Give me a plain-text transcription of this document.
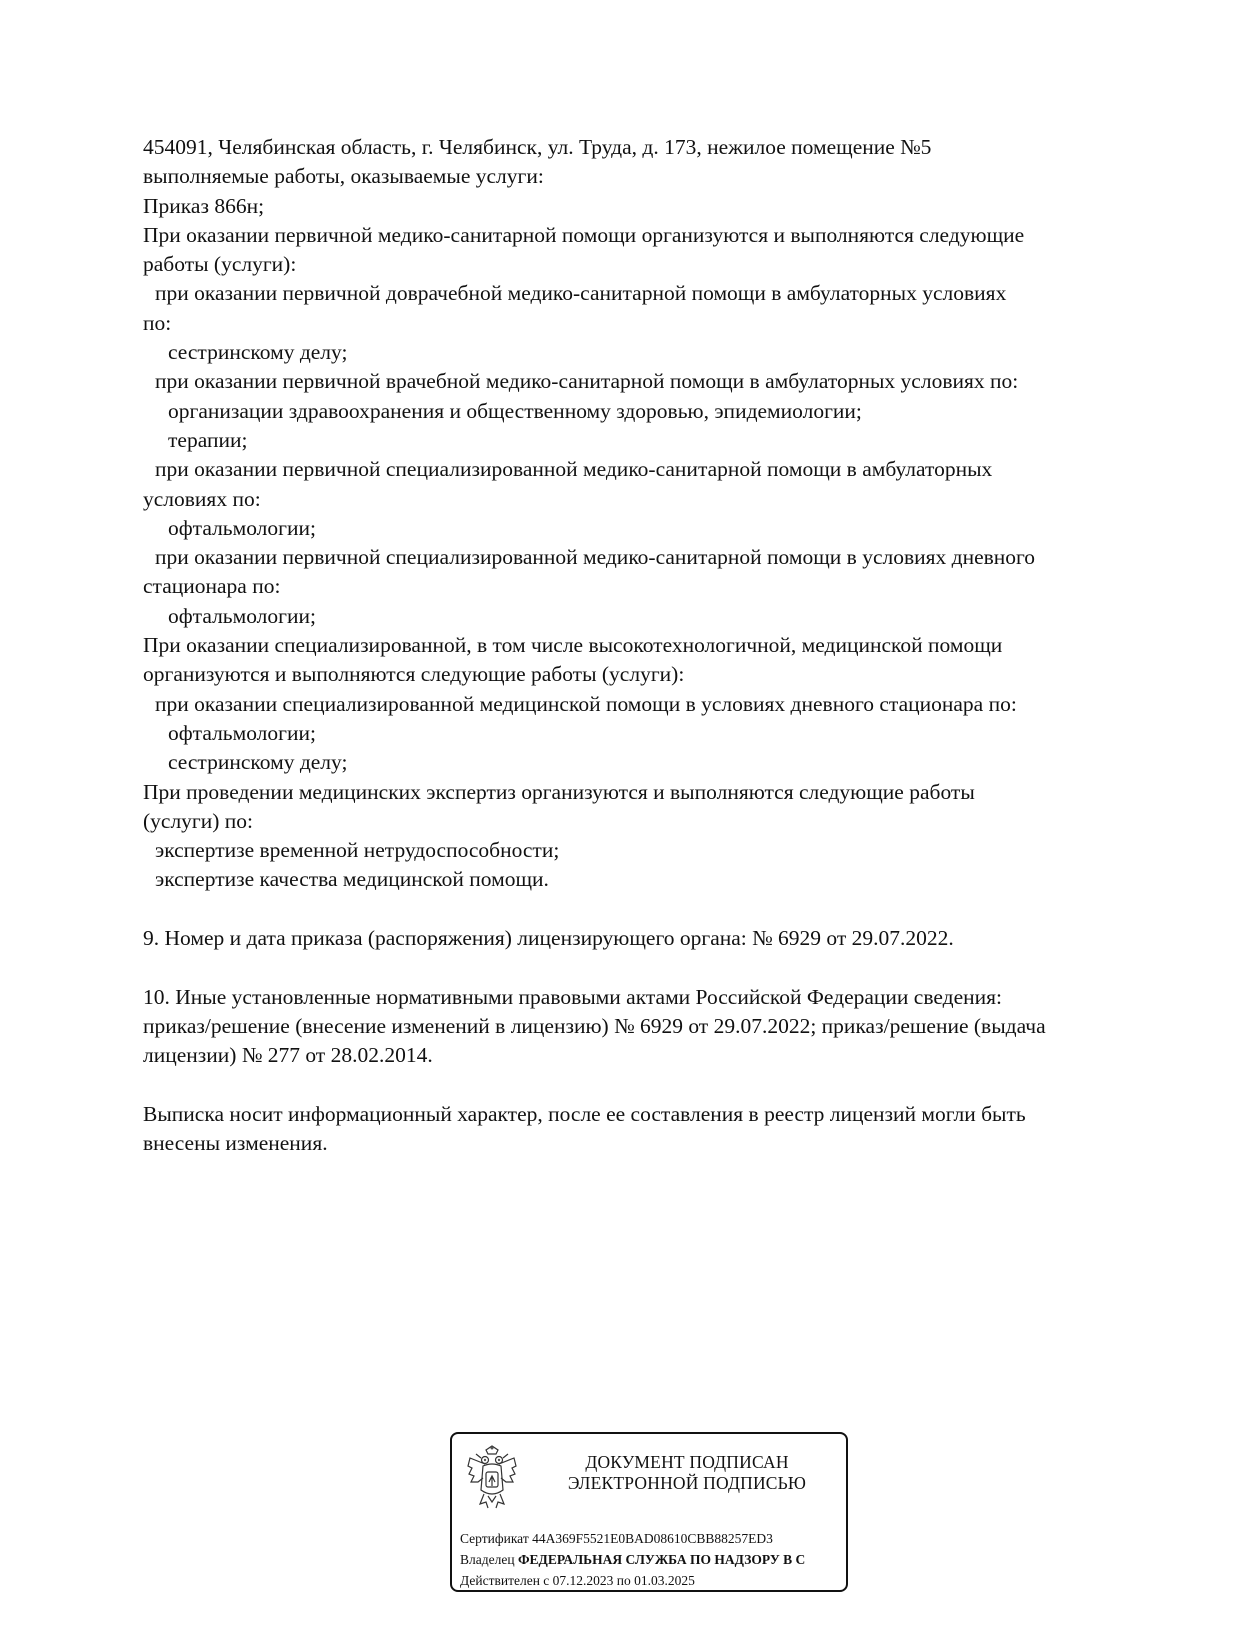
454091, Челябинская область, г. Челябинск, ул. Труда, д. 173, нежилое помещение №5
выполняемые работы, оказываемые услуги:
Приказ 866н;
При оказании первичной медико-санитарной помощи организуются и выполняются следующие
работы (услуги):
при оказании первичной доврачебной медико-санитарной помощи в амбулаторных условиях
по:
сестринскому делу;
при оказании первичной врачебной медико-санитарной помощи в амбулаторных условиях по:
организации здравоохранения и общественному здоровью, эпидемиологии;
терапии;
при оказании первичной специализированной медико-санитарной помощи в амбулаторных
условиях по:
офтальмологии;
при оказании первичной специализированной медико-санитарной помощи в условиях дневного
стационара по:
офтальмологии;
При оказании специализированной, в том числе высокотехнологичной, медицинской помощи
организуются и выполняются следующие работы (услуги):
при оказании специализированной медицинской помощи в условиях дневного стационара по:
офтальмологии;
сестринскому делу;
При проведении медицинских экспертиз организуются и выполняются следующие работы
(услуги) по:
экспертизе временной нетрудоспособности;
экспертизе качества медицинской помощи.
9. Номер и дата приказа (распоряжения) лицензирующего органа: № 6929 от 29.07.2022.
10. Иные установленные нормативными правовыми актами Российской Федерации сведения:
приказ/решение (внесение изменений в лицензию) № 6929 от 29.07.2022; приказ/решение (выдача
лицензии) № 277 от 28.02.2014.
Выписка носит информационный характер, после ее составления в реестр лицензий могли быть
внесены изменения.
ДОКУМЕНТ ПОДПИСАН
ЭЛЕКТРОННОЙ ПОДПИСЬЮ
Сертификат 44A369F5521E0BAD08610CBB88257ED3
Владелец ФЕДЕРАЛЬНАЯ СЛУЖБА ПО НАДЗОРУ В С
Действителен с 07.12.2023 по 01.03.2025
